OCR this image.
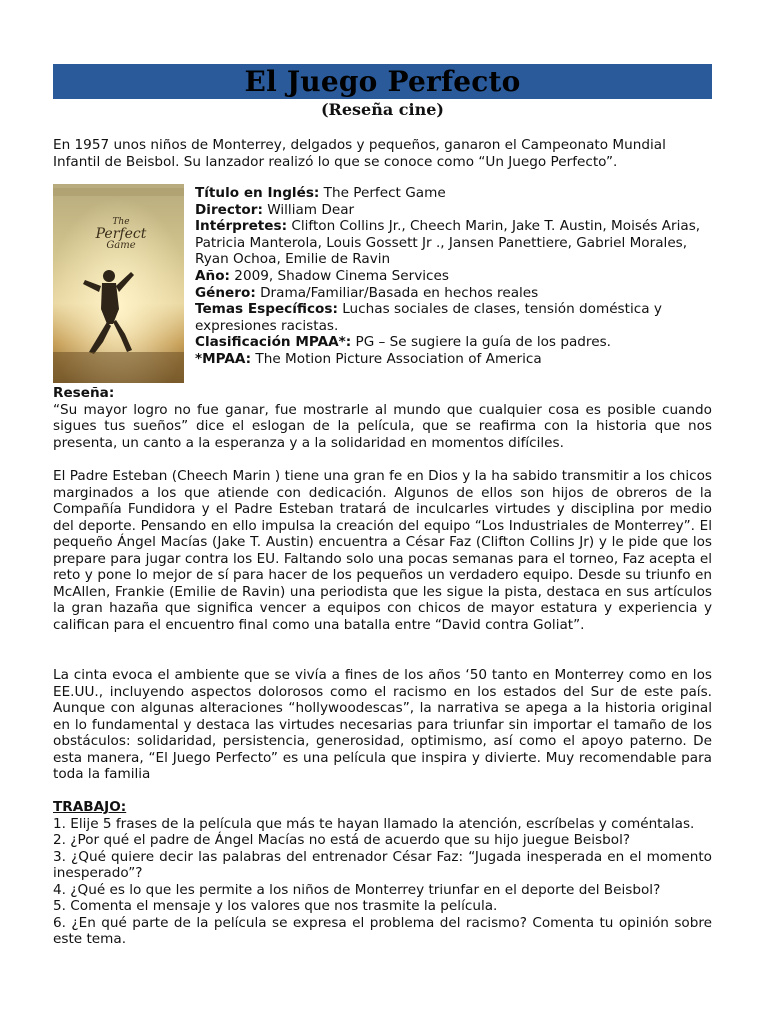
El Juego Perfecto
(Reseña cine)

En 1957 unos niños de Monterrey, delgados y pequeños, ganaron el Campeonato Mundial Infantil de Beisbol. Su lanzador realizó lo que se conoce como “Un Juego Perfecto”.

The
Perfect
Game

Título en Inglés: The Perfect Game

Director: William Dear

Intérpretes: Clifton Collins Jr., Cheech Marin, Jake T. Austin, Moisés Arias, Patricia Manterola, Louis Gossett Jr ., Jansen Panettiere, Gabriel Morales, Ryan Ochoa, Emilie de Ravin

Año: 2009, Shadow Cinema Services

Género: Drama/Familiar/Basada en hechos reales

Temas Específicos: Luchas sociales de clases, tensión doméstica y expresiones racistas.

Clasificación MPAA*: PG – Se sugiere la guía de los padres.

*MPAA: The Motion Picture Association of America

Reseña:

“Su mayor logro no fue ganar, fue mostrarle al mundo que cualquier cosa es posible cuando sigues tus sueños” dice el eslogan de la película, que se reafirma con la historia que nos presenta, un canto a la esperanza y a la solidaridad en momentos difíciles.

El Padre Esteban (Cheech Marin ) tiene una gran fe en Dios y la ha sabido transmitir a los chicos marginados a los que atiende con dedicación. Algunos de ellos son hijos de obreros de la Compañía Fundidora y el Padre Esteban tratará de inculcarles virtudes y disciplina por medio del deporte. Pensando en ello impulsa la creación del equipo “Los Industriales de Monterrey”. El pequeño Ángel Macías (Jake T. Austin) encuentra a César Faz (Clifton Collins Jr) y le pide que los prepare para jugar contra los EU. Faltando solo una pocas semanas para el torneo, Faz acepta el reto y pone lo mejor de sí para hacer de los pequeños un verdadero equipo. Desde su triunfo en McAllen, Frankie (Emilie de Ravin) una periodista que les sigue la pista, destaca en sus artículos la gran hazaña que significa vencer a equipos con chicos de mayor estatura y experiencia y califican para el encuentro final como una batalla entre “David contra Goliat”.

La cinta evoca el ambiente que se vivía a fines de los años ‘50 tanto en Monterrey como en los EE.UU., incluyendo aspectos dolorosos como el racismo en los estados del Sur de este país. Aunque con algunas alteraciones “hollywoodescas”, la narrativa se apega a la historia original en lo fundamental y destaca las virtudes necesarias para triunfar sin importar el tamaño de los obstáculos: solidaridad, persistencia, generosidad, optimismo, así como el apoyo paterno. De esta manera, “El Juego Perfecto” es una película que inspira y divierte. Muy recomendable para toda la familia

TRABAJO:

1. Elije 5 frases de la película que más te hayan llamado la atención, escríbelas y coméntalas.

2. ¿Por qué el padre de Ángel Macías no está de acuerdo que su hijo juegue Beisbol?

3. ¿Qué quiere decir las palabras del entrenador César Faz: “Jugada inesperada en el momento inesperado”?

4. ¿Qué es lo que les permite a los niños de Monterrey triunfar en el deporte del Beisbol?

5. Comenta el mensaje y los valores que nos trasmite la película.

6. ¿En qué parte de la película se expresa el problema del racismo? Comenta tu opinión sobre este tema.
